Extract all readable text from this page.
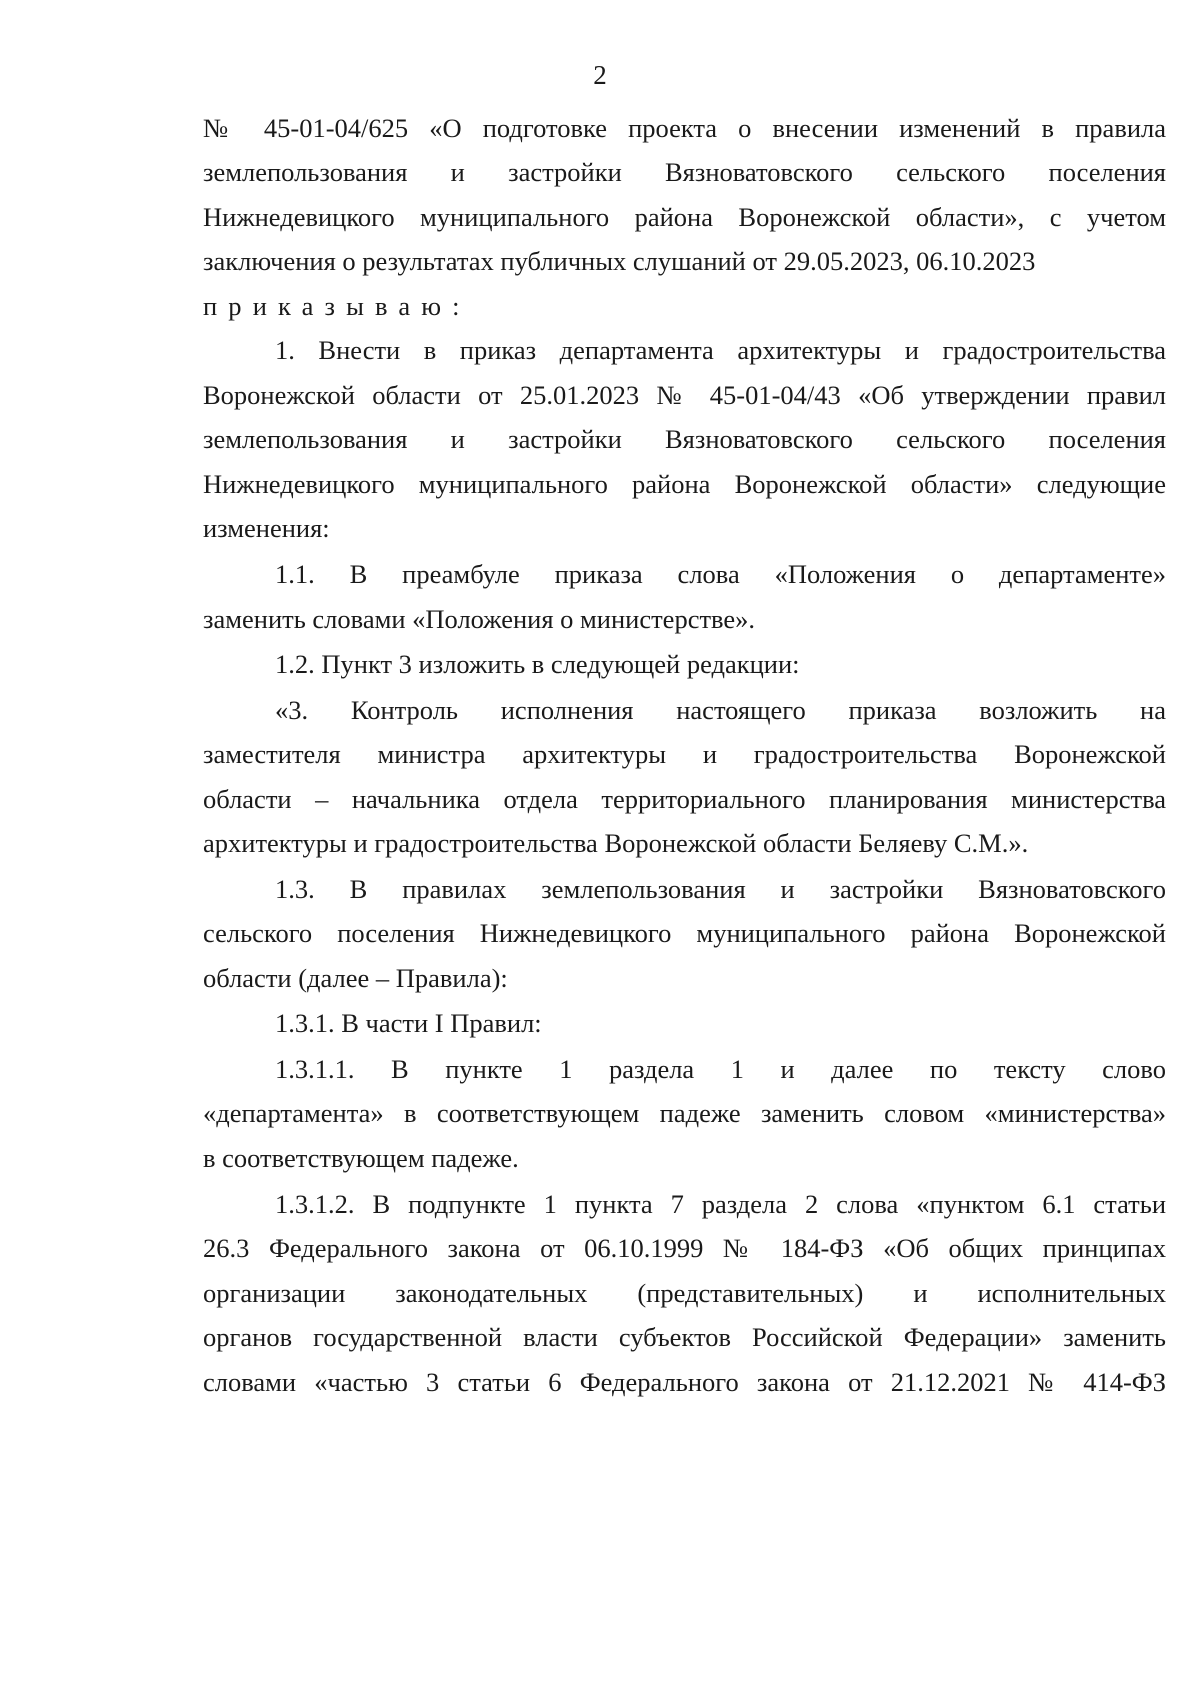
2
№ 45-01-04/625 «О подготовке проекта о внесении изменений в правила
землепользования и застройки Вязноватовского сельского поселения
Нижнедевицкого муниципального района Воронежской области», с учетом
заключения о результатах публичных слушаний от 29.05.2023, 06.10.2023
приказываю:
1. Внести в приказ департамента архитектуры и градостроительства
Воронежской области от 25.01.2023 № 45-01-04/43 «Об утверждении правил
землепользования и застройки Вязноватовского сельского поселения
Нижнедевицкого муниципального района Воронежской области» следующие
изменения:
1.1. В преамбуле приказа слова «Положения о департаменте»
заменить словами «Положения о министерстве».
1.2. Пункт 3 изложить в следующей редакции:
«3. Контроль исполнения настоящего приказа возложить на
заместителя министра архитектуры и градостроительства Воронежской
области – начальника отдела территориального планирования министерства
архитектуры и градостроительства Воронежской области Беляеву С.М.».
1.3. В правилах землепользования и застройки Вязноватовского
сельского поселения Нижнедевицкого муниципального района Воронежской
области (далее – Правила):
1.3.1. В части I Правил:
1.3.1.1. В пункте 1 раздела 1 и далее по тексту слово
«департамента» в соответствующем падеже заменить словом «министерства»
в соответствующем падеже.
1.3.1.2. В подпункте 1 пункта 7 раздела 2 слова «пунктом 6.1 статьи
26.3 Федерального закона от 06.10.1999 № 184-ФЗ «Об общих принципах
организации законодательных (представительных) и исполнительных
органов государственной власти субъектов Российской Федерации» заменить
словами «частью 3 статьи 6 Федерального закона от 21.12.2021 № 414-ФЗ
